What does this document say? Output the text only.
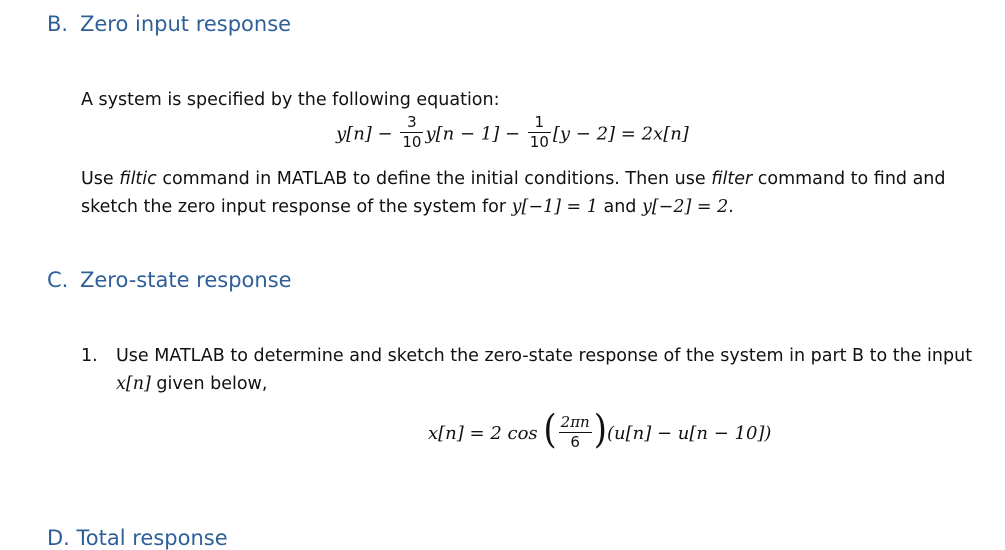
B. Zero input response
A system is specified by the following equation:
$y[n] - \frac{3}{10} y[n - 1] - \frac{1}{10} [y - 2] = 2x[n]$
Use filtic command in MATLAB to define the initial conditions. Then use filter command to find and
sketch the zero input response of the system for y[−1] = 1 and y[−2] = 2.
C. Zero-state response
1. Use MATLAB to determine and sketch the zero-state response of the system in part B to the input
x[n] given below,
x[n] = 2 cos ( $\frac{2\pi n}{6} )(u[n] - u[n - 10])$
D. Total response
